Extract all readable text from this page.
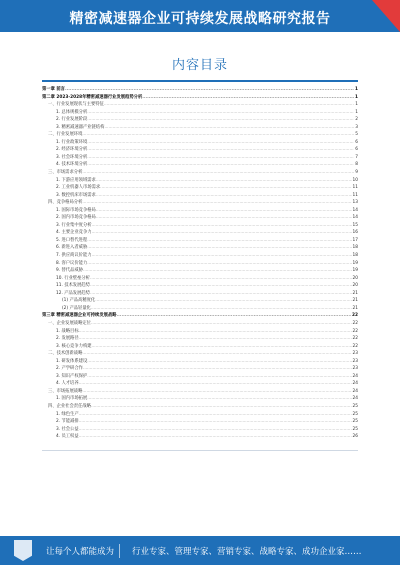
精密减速器企业可持续发展战略研究报告
内容目录
第一章 前言 .....	1
第二章 2023-2028年精密减速器行业发展趋势分析 .....	1
一、行业发展现状与主要特征 .....	1
1. 总体规模分析 .....	1
2. 行业发展阶段 .....	2
3. 精密减速器产业链结构 .....	3
二、行业发展环境 .....	5
1. 行业政策环境 .....	6
2. 经济环境分析 .....	6
3. 社会环境分析 .....	7
4. 技术环境分析 .....	8
三、市场需求分析 .....	9
1. 下游应用领域需求 .....	10
2. 工业机器人市场需求 .....	11
3. 数控机床市场需求 .....	11
四、竞争格局分析 .....	13
1. 国际市场竞争格局 .....	14
2. 国内市场竞争格局 .....	14
3. 行业集中度分析 .....	15
4. 主要企业竞争力 .....	16
5. 进口替代进程 .....	17
6. 新进入者威胁 .....	18
7. 供应商议价能力 .....	18
8. 客户议价能力 .....	19
9. 替代品威胁 .....	19
10. 行业壁垒分析 .....	20
11. 技术发展趋势 .....	20
12. 产品发展趋势 .....	21
(1) 产品高精度化 .....	21
(2) 产品轻量化 .....	21
第三章 精密减速器企业可持续发展战略 .....	22
一、企业发展战略定位 .....	22
1. 战略目标 .....	22
2. 发展路径 .....	22
3. 核心竞争力构建 .....	22
二、技术创新战略 .....	23
1. 研发体系建设 .....	23
2. 产学研合作 .....	23
3. 知识产权保护 .....	24
4. 人才培养 .....	24
三、市场拓展战略 .....	24
1. 国内市场拓展 .....	24
四、企业社会责任战略 .....	25
1. 绿色生产 .....	25
2. 节能减排 .....	25
3. 社会公益 .....	25
4. 员工权益 .....	26
让每个人都能成为 行业专家、管理专家、营销专家、战略专家、成功企业家……
